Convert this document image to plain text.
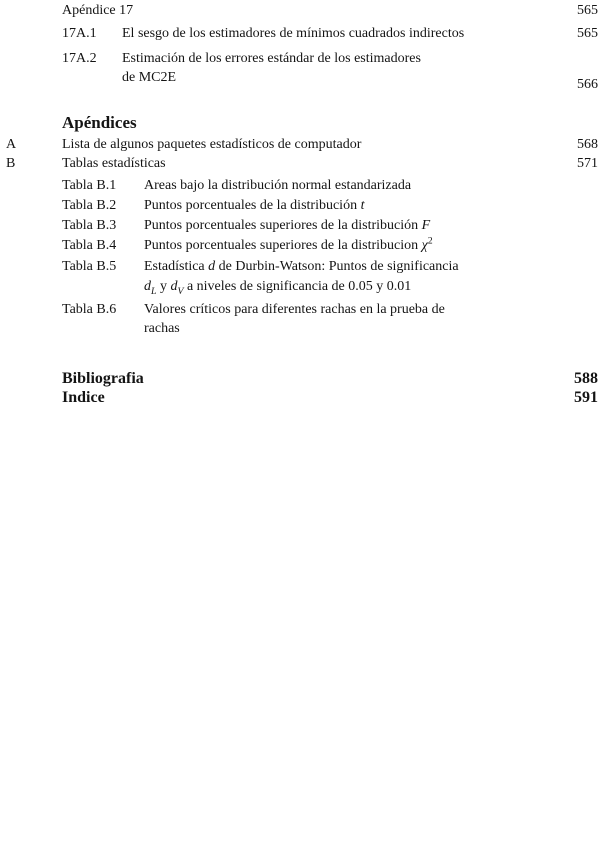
Apéndice 17	565
17A.1 El sesgo de los estimadores de mínimos cuadrados indirectos	565
17A.2 Estimación de los errores estándar de los estimadores
de MC2E	566
Apéndices
A	Lista de algunos paquetes estadísticos de computador	568
B	Tablas estadísticas	571
Tabla B.1 Areas bajo la distribución normal estandarizada
Tabla B.2 Puntos porcentuales de la distribución t
Tabla B.3 Puntos porcentuales superiores de la distribución F
Tabla B.4 Puntos porcentuales superiores de la distribucion $\chi^2$
Tabla B.5 Estadística d de Durbin-Watson: Puntos de significancia
$d_L$ y $d_V$ a niveles de significancia de 0.05 y 0.01
Tabla B.6 Valores críticos para diferentes rachas en la prueba de
rachas
Bibliografia	588
Indice	591
